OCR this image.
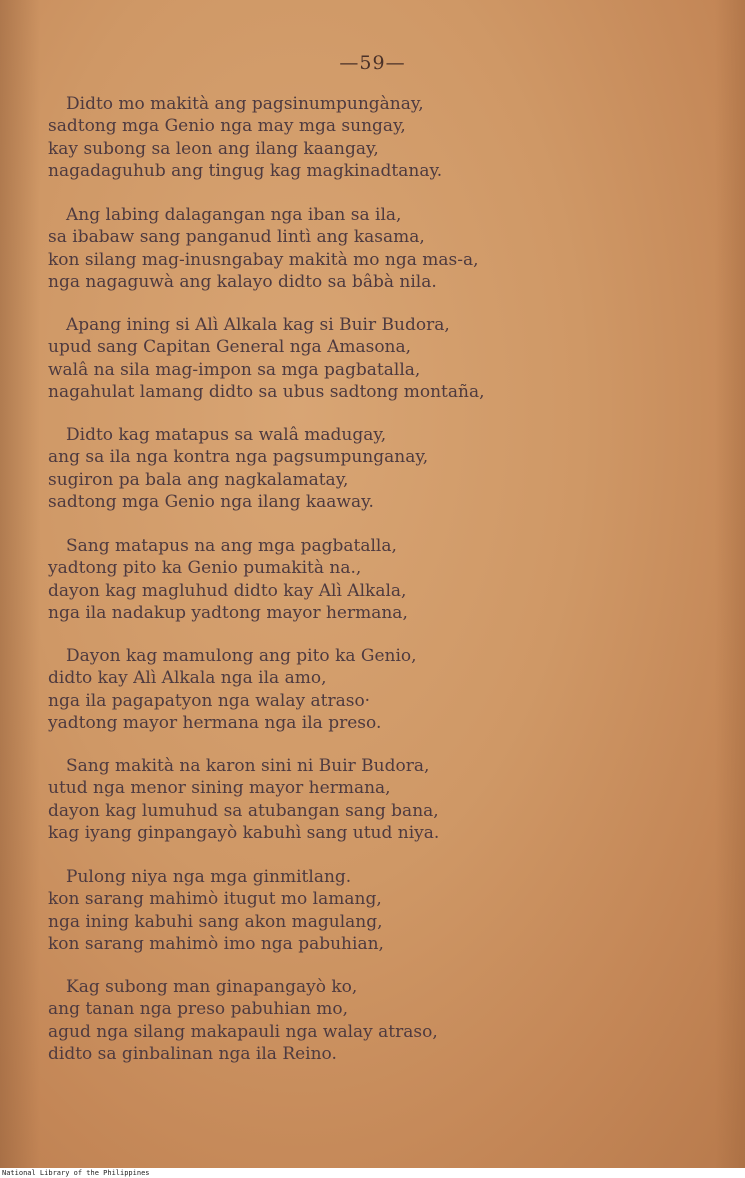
—59—
Didto mo makità ang pagsinumpungànay,
sadtong mga Genio nga may mga sungay,
kay subong sa leon ang ilang kaangay,
nagadaguhub ang tingug kag magkinadtanay.
Ang labing dalagangan nga iban sa ila,
sa ibabaw sang panganud lintì ang kasama,
kon silang mag-inusngabay makità mo nga mas-a,
nga nagaguwà ang kalayo didto sa bâbà nila.
Apang ining si Alì Alkala kag si Buir Budora,
upud sang Capitan General nga Amasona,
walâ na sila mag-impon sa mga pagbatalla,
nagahulat lamang didto sa ubus sadtong montaña,
Didto kag matapus sa walâ madugay,
ang sa ila nga kontra nga pagsumpunganay,
sugiron pa bala ang nagkalamatay,
sadtong mga Genio nga ilang kaaway.
Sang matapus na ang mga pagbatalla,
yadtong pito ka Genio pumakità na.,
dayon kag magluhud didto kay Alì Alkala,
nga ila nadakup yadtong mayor hermana,
Dayon kag mamulong ang pito ka Genio,
didto kay Alì Alkala nga ila amo,
nga ila pagapatyon nga walay atraso·
yadtong mayor hermana nga ila preso.
Sang makità na karon sini ni Buir Budora,
utud nga menor sining mayor hermana,
dayon kag lumuhud sa atubangan sang bana,
kag iyang ginpangayò kabuhì sang utud niya.
Pulong niya nga mga ginmitlang.
kon sarang mahimò itugut mo lamang,
nga ining kabuhi sang akon magulang,
kon sarang mahimò imo nga pabuhian,
Kag subong man ginapangayò ko,
ang tanan nga preso pabuhian mo,
agud nga silang makapauli nga walay atraso,
didto sa ginbalinan nga ila Reino.
National Library of the Philippines
